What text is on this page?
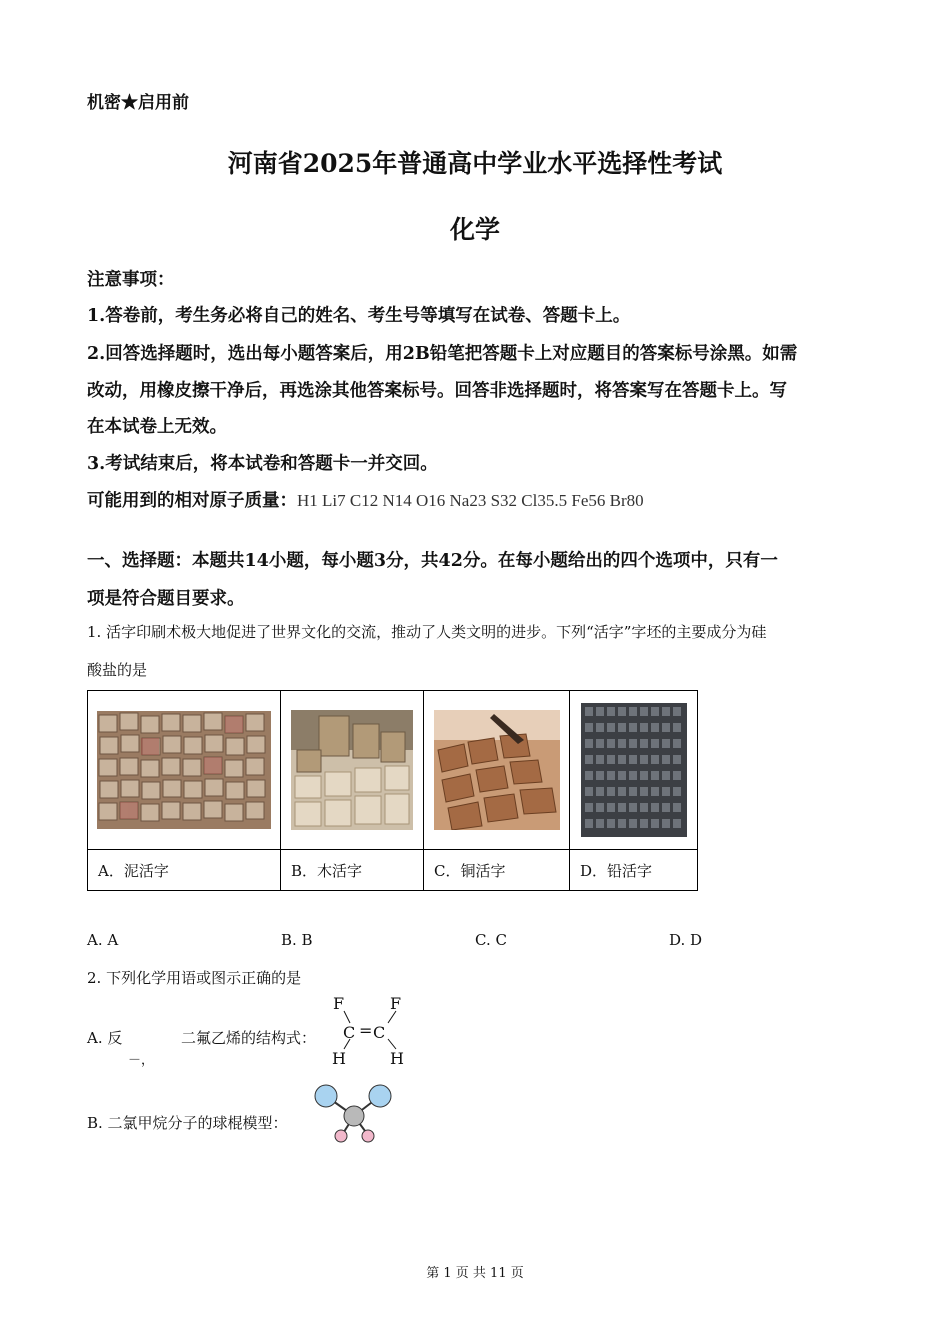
机密★启用前
河南省2025年普通高中学业水平选择性考试
化学
注意事项：
1.答卷前，考生务必将自己的姓名、考生号等填写在试卷、答题卡上。
2.回答选择题时，选出每小题答案后，用2B铅笔把答题卡上对应题目的答案标号涂黑。如需
改动，用橡皮擦干净后，再选涂其他答案标号。回答非选择题时，将答案写在答题卡上。写
在本试卷上无效。
3.考试结束后，将本试卷和答题卡一并交回。
可能用到的相对原子质量：H1 Li7 C12 N14 O16 Na23 S32 Cl35.5 Fe56 Br80
一、选择题：本题共14小题，每小题3分，共42分。在每小题给出的四个选项中，只有一
项是符合题目要求。
1. 活字印刷术极大地促进了世界文化的交流，推动了人类文明的进步。下列“活字”字坯的主要成分为硅
酸盐的是

A．泥活字	B．木活字	C．铜活字	D．铅活字
A. A	B. B	C. C	D. D
2. 下列化学用语或图示正确的是
A. 反	二氟乙烯的结构式：
－，
F	F
C = C
H	H
B. 二氯甲烷分子的球棍模型：
第 1 页 共 11 页
